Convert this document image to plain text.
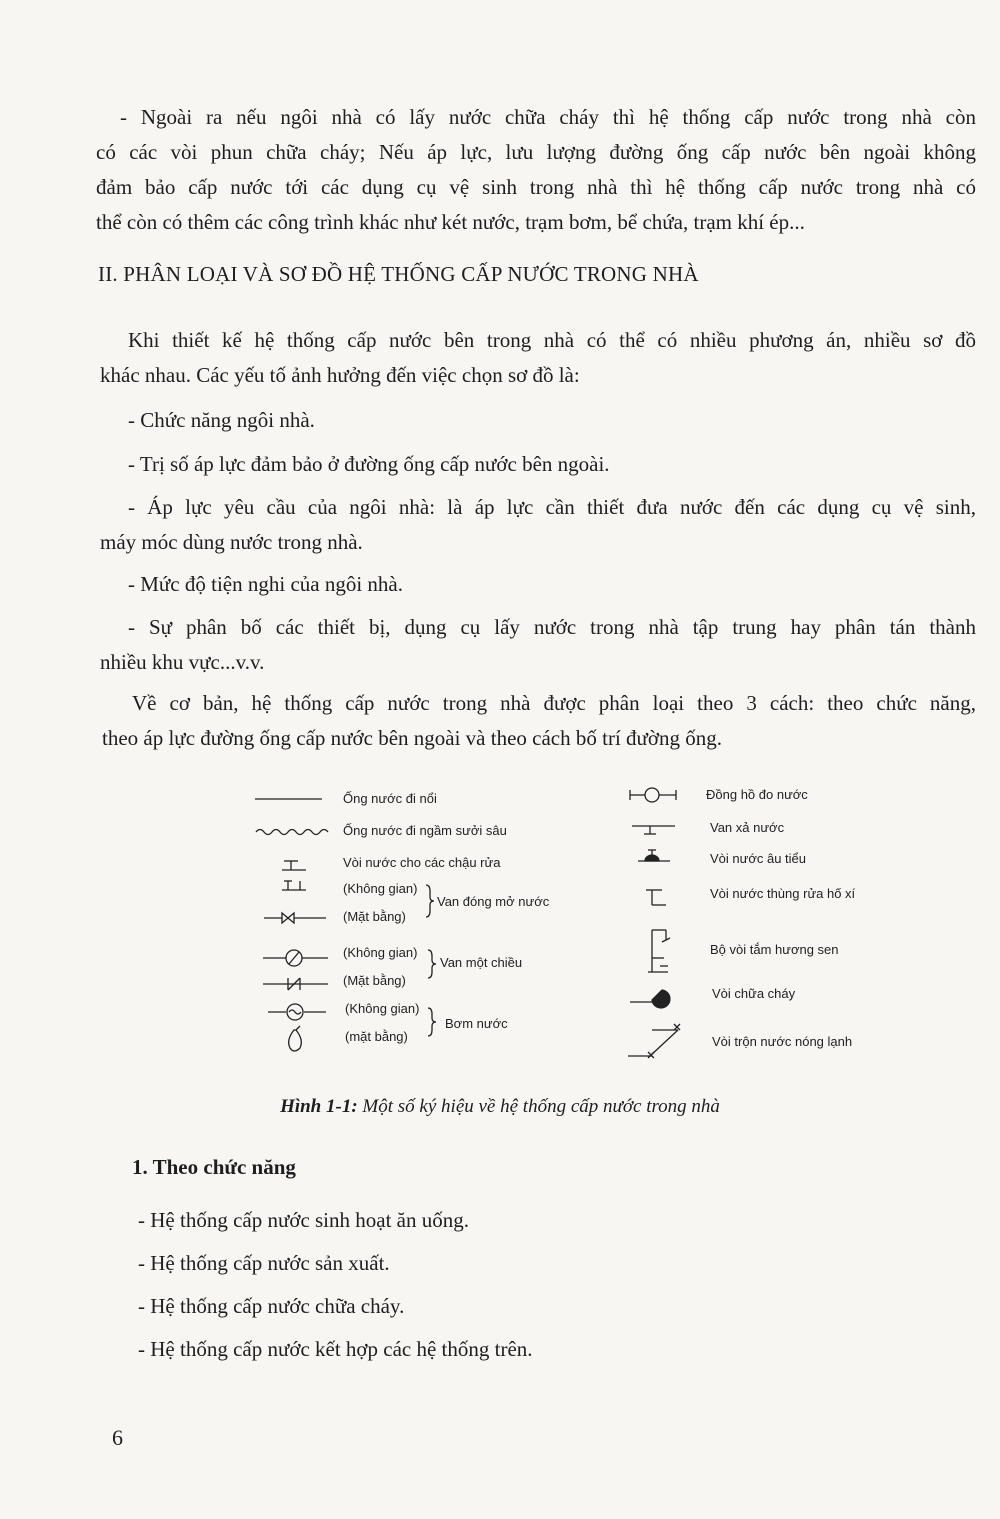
- Ngoài ra nếu ngôi nhà có lấy nước chữa cháy thì hệ thống cấp nước trong nhà còn

có các vòi phun chữa cháy; Nếu áp lực, lưu lượng đường ống cấp nước bên ngoài không

đảm bảo cấp nước tới các dụng cụ vệ sinh trong nhà thì hệ thống cấp nước trong nhà có

thể còn có thêm các công trình khác như két nước, trạm bơm, bể chứa, trạm khí ép...

II. PHÂN LOẠI VÀ SƠ ĐỒ HỆ THỐNG CẤP NƯỚC TRONG NHÀ

Khi thiết kế hệ thống cấp nước bên trong nhà có thể có nhiều phương án, nhiều sơ đồ

khác nhau. Các yếu tố ảnh hưởng đến việc chọn sơ đồ là:

- Chức năng ngôi nhà.

- Trị số áp lực đảm bảo ở đường ống cấp nước bên ngoài.

- Áp lực yêu cầu của ngôi nhà: là áp lực cần thiết đưa nước đến các dụng cụ vệ sinh,

máy móc dùng nước trong nhà.

- Mức độ tiện nghi của ngôi nhà.

- Sự phân bố các thiết bị, dụng cụ lấy nước trong nhà tập trung hay phân tán thành

nhiều khu vực...v.v.

Về cơ bản, hệ thống cấp nước trong nhà được phân loại theo 3 cách: theo chức năng,

theo áp lực đường ống cấp nước bên ngoài và theo cách bố trí đường ống.

Ống nước đi nổi

Ống nước đi ngầm sưởi sâu

Vòi nước cho các chậu rửa

(Không gian)

(Mặt bằng)

Van đóng mở nước

(Không gian)

(Mặt bằng)

Van một chiều

(Không gian)

(mặt bằng)

Bơm nước

Đồng hồ đo nước

Van xả nước

Vòi nước âu tiểu

Vòi nước thùng rửa hố xí

Bộ vòi tắm hương sen

Vòi chữa cháy

Vòi trộn nước nóng lạnh

Hình 1-1: Một số ký hiệu về hệ thống cấp nước trong nhà

1. Theo chức năng

- Hệ thống cấp nước sinh hoạt ăn uống.

- Hệ thống cấp nước sản xuất.

- Hệ thống cấp nước chữa cháy.

- Hệ thống cấp nước kết hợp các hệ thống trên.

6
